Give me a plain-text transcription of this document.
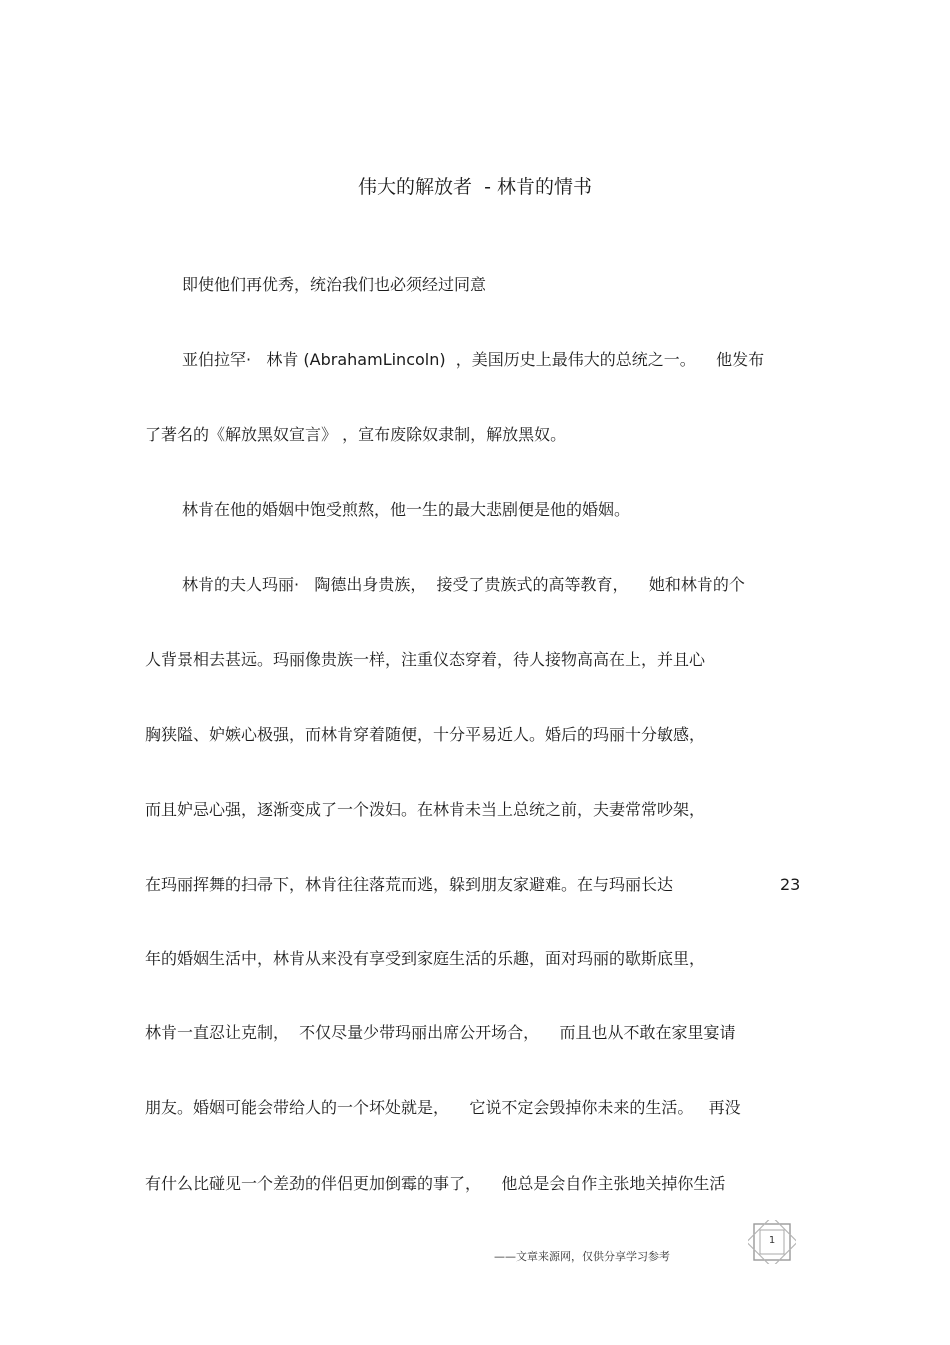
伟大的解放者  - 林肯的情书
即使他们再优秀，统治我们也必须经过同意
亚伯拉罕·   林肯 (AbrahamLincoln)  ，美国历史上最伟大的总统之一。    他发布
了著名的《解放黑奴宣言》 ，宣布废除奴隶制，解放黑奴。
林肯在他的婚姻中饱受煎熬，他一生的最大悲剧便是他的婚姻。
林肯的夫人玛丽·   陶德出身贵族，  接受了贵族式的高等教育，    她和林肯的个
人背景相去甚远。玛丽像贵族一样，注重仪态穿着，待人接物高高在上，并且心
胸狭隘、妒嫉心极强，而林肯穿着随便，十分平易近人。婚后的玛丽十分敏感，
而且妒忌心强，逐渐变成了一个泼妇。在林肯未当上总统之前，夫妻常常吵架，
在玛丽挥舞的扫帚下，林肯往往落荒而逃，躲到朋友家避难。在与玛丽长达	23
年的婚姻生活中，林肯从来没有享受到家庭生活的乐趣，面对玛丽的歇斯底里，
林肯一直忍让克制，  不仅尽量少带玛丽出席公开场合，    而且也从不敢在家里宴请
朋友。婚姻可能会带给人的一个坏处就是，    它说不定会毁掉你未来的生活。   再没
有什么比碰见一个差劲的伴侣更加倒霉的事了，    他总是会自作主张地关掉你生活
——文章来源网，仅供分享学习参考
1
